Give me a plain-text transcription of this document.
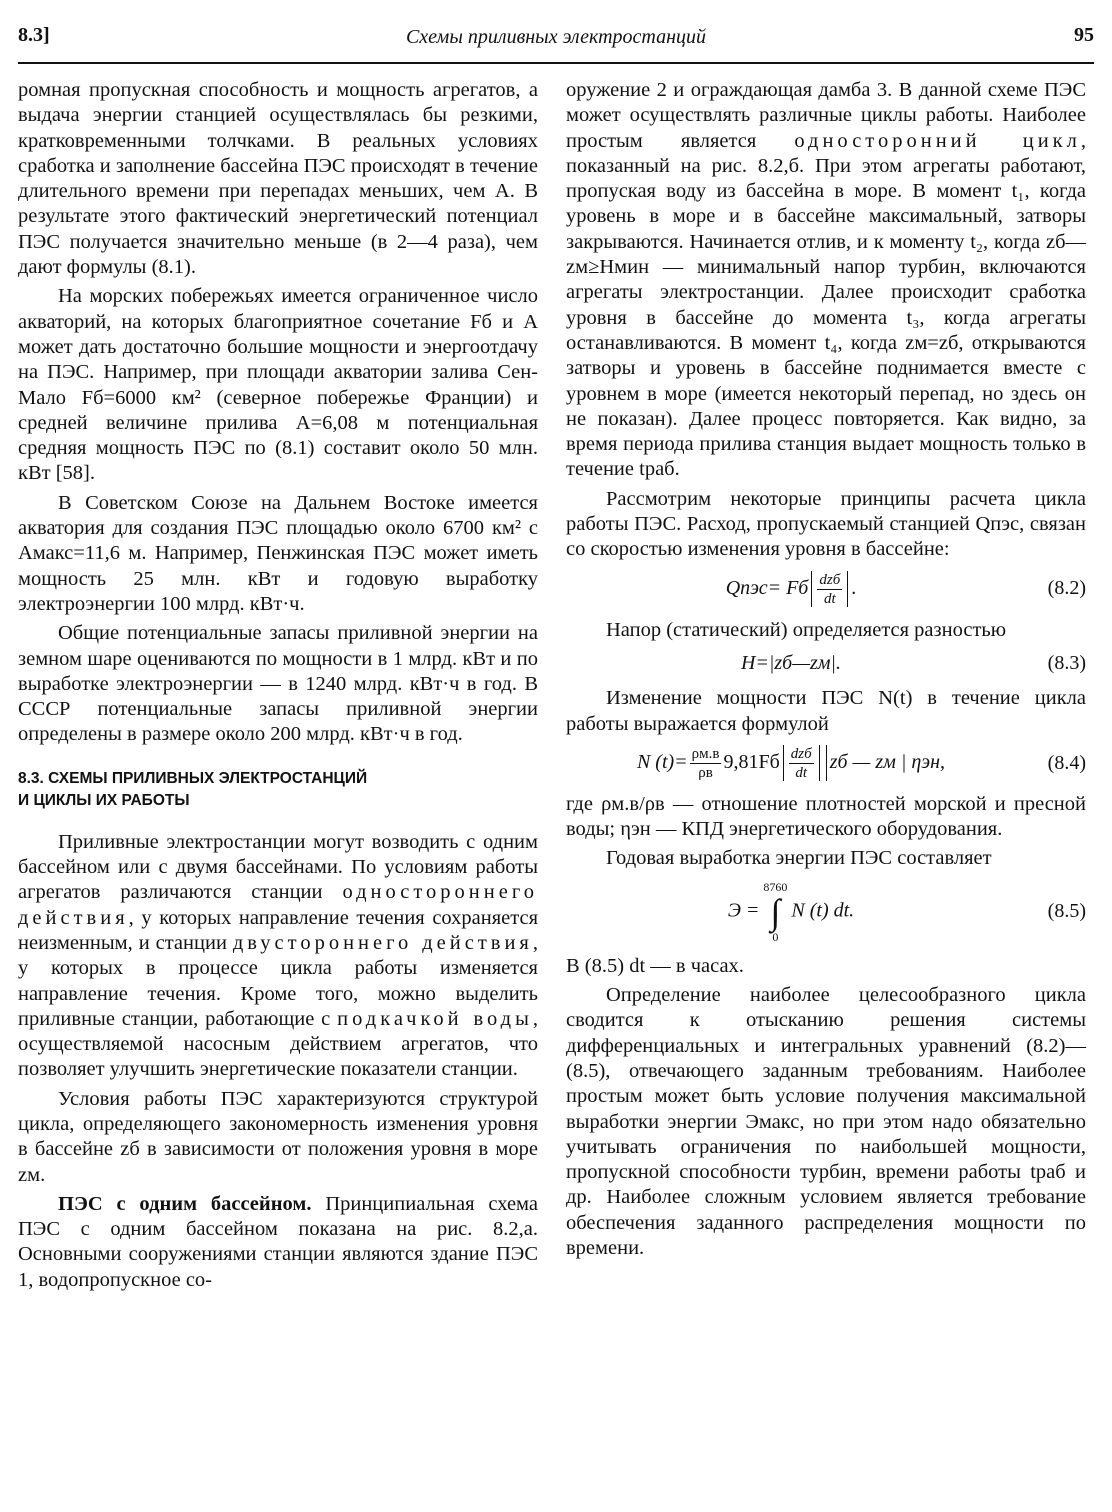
8.3]	Схемы приливных электростанций	95

ромная пропускная способность и мощность агрегатов, а выдача энергии станцией осуществлялась бы резкими, кратковременными толчками. В реальных условиях сработка и заполнение бассейна ПЭС происходят в течение длительного времени при перепадах меньших, чем A. В результате этого фактический энергетический потенциал ПЭС получается значительно меньше (в 2—4 раза), чем дают формулы (8.1).

На морских побережьях имеется ограниченное число акваторий, на которых благоприятное сочетание Fб и A может дать достаточно большие мощности и энергоотдачу на ПЭС. Например, при площади акватории залива Сен-Мало Fб=6000 км² (северное побережье Франции) и средней величине прилива A=6,08 м потенциальная средняя мощность ПЭС по (8.1) составит около 50 млн. кВт [58].

В Советском Союзе на Дальнем Востоке имеется акватория для создания ПЭС площадью около 6700 км² с Aмакс=11,6 м. Например, Пенжинская ПЭС может иметь мощность 25 млн. кВт и годовую выработку электроэнергии 100 млрд. кВт·ч.

Общие потенциальные запасы приливной энергии на земном шаре оцениваются по мощности в 1 млрд. кВт и по выработке электроэнергии — в 1240 млрд. кВт·ч в год. В СССР потенциальные запасы приливной энергии определены в размере около 200 млрд. кВт·ч в год.

8.3. СХЕМЫ ПРИЛИВНЫХ ЭЛЕКТРОСТАНЦИЙ
И ЦИКЛЫ ИХ РАБОТЫ

Приливные электростанции могут возводить с одним бассейном или с двумя бассейнами. По условиям работы агрегатов различаются станции одностороннего действия, у которых направление течения сохраняется неизменным, и станции двустороннего действия, у которых в процессе цикла работы изменяется направление течения. Кроме того, можно выделить приливные станции, работающие с подкачкой воды, осуществляемой насосным действием агрегатов, что позволяет улучшить энергетические показатели станции.

Условия работы ПЭС характеризуются структурой цикла, определяющего закономерность изменения уровня в бассейне zб в зависимости от положения уровня в море zм.

ПЭС с одним бассейном. Принципиальная схема ПЭС с одним бассейном показана на рис. 8.2,а. Основными сооружениями станции являются здание ПЭС 1, водопропускное со-

оружение 2 и ограждающая дамба 3. В данной схеме ПЭС может осуществлять различные циклы работы. Наиболее простым является односторонний цикл, показанный на рис. 8.2,б. При этом агрегаты работают, пропуская воду из бассейна в море. В момент t₁, когда уровень в море и в бассейне максимальный, затворы закрываются. Начинается отлив, и к моменту t₂, когда zб—zм≥Hмин — минимальный напор турбин, включаются агрегаты электростанции. Далее происходит сработка уровня в бассейне до момента t₃, когда агрегаты останавливаются. В момент t₄, когда zм=zб, открываются затворы и уровень в бассейне поднимается вместе с уровнем в море (имеется некоторый перепад, но здесь он не показан). Далее процесс повторяется. Как видно, за время периода прилива станция выдает мощность только в течение tраб.

Рассмотрим некоторые принципы расчета цикла работы ПЭС. Расход, пропускаемый станцией Qпэс, связан со скоростью изменения уровня в бассейне:

Qпэс= Fб $\frac{\text{dzб}}{dt}$ .	(8.2)

Напор (статический) определяется разностью

H=|zб—zм|.	(8.3)

Изменение мощности ПЭС N(t) в течение цикла работы выражается формулой

N $(t)= \frac{\rho м.в}{\rho в} 9,81Fб \frac{\text{dzб}}{dt}$ zб — zм | ηэн,	(8.4)

где ρм.в/ρв — отношение плотностей морской и пресной воды; ηэн — КПД энергетического оборудования.

Годовая выработка энергии ПЭС составляет

Э =
8760
∫
0
N (t) dt.	(8.5)

В (8.5) dt — в часах.

Определение наиболее целесообразного цикла сводится к отысканию решения системы дифференциальных и интегральных уравнений (8.2)—(8.5), отвечающего заданным требованиям. Наиболее простым может быть условие получения максимальной выработки энергии Эмакс, но при этом надо обязательно учитывать ограничения по наибольшей мощности, пропускной способности турбин, времени работы tраб и др. Наиболее сложным условием является требование обеспечения заданного распределения мощности по времени.
